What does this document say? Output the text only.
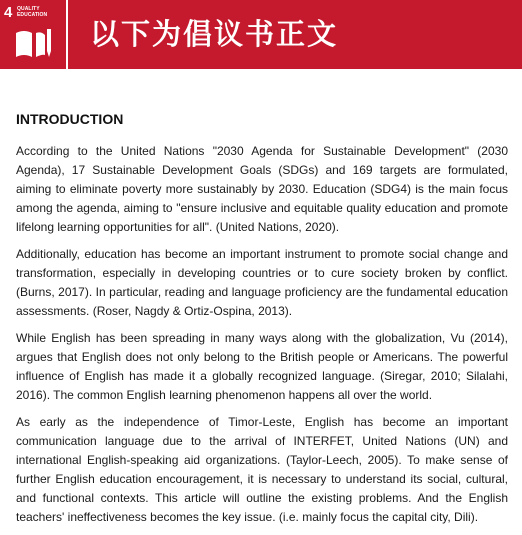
4 QUALITY
EDUCATION
以下为倡议书正文
INTRODUCTION

According to the United Nations "2030 Agenda for Sustainable Development" (2030 Agenda), 17 Sustainable Development Goals (SDGs) and 169 targets are formulated, aiming to eliminate poverty more sustainably by 2030. Education (SDG4) is the main focus among the agenda, aiming to "ensure inclusive and equitable quality education and promote lifelong learning opportunities for all". (United Nations, 2020).

Additionally, education has become an important instrument to promote social change and transformation, especially in developing countries or to cure society broken by conflict. (Burns, 2017). In particular, reading and language proficiency are the fundamental education assessments. (Roser, Nagdy & Ortiz-Ospina, 2013).

While English has been spreading in many ways along with the globalization, Vu (2014), argues that English does not only belong to the British people or Americans. The powerful influence of English has made it a globally recognized language. (Siregar, 2010; Silalahi, 2016). The common English learning phenomenon happens all over the world.

As early as the independence of Timor-Leste, English has become an important communication language due to the arrival of INTERFET, United Nations (UN) and international English-speaking aid organizations. (Taylor-Leech, 2005). To make sense of further English education encouragement, it is necessary to understand its social, cultural, and functional contexts. This article will outline the existing problems. And the English teachers' ineffectiveness becomes the key issue. (i.e. mainly focus the capital city, Dili).
